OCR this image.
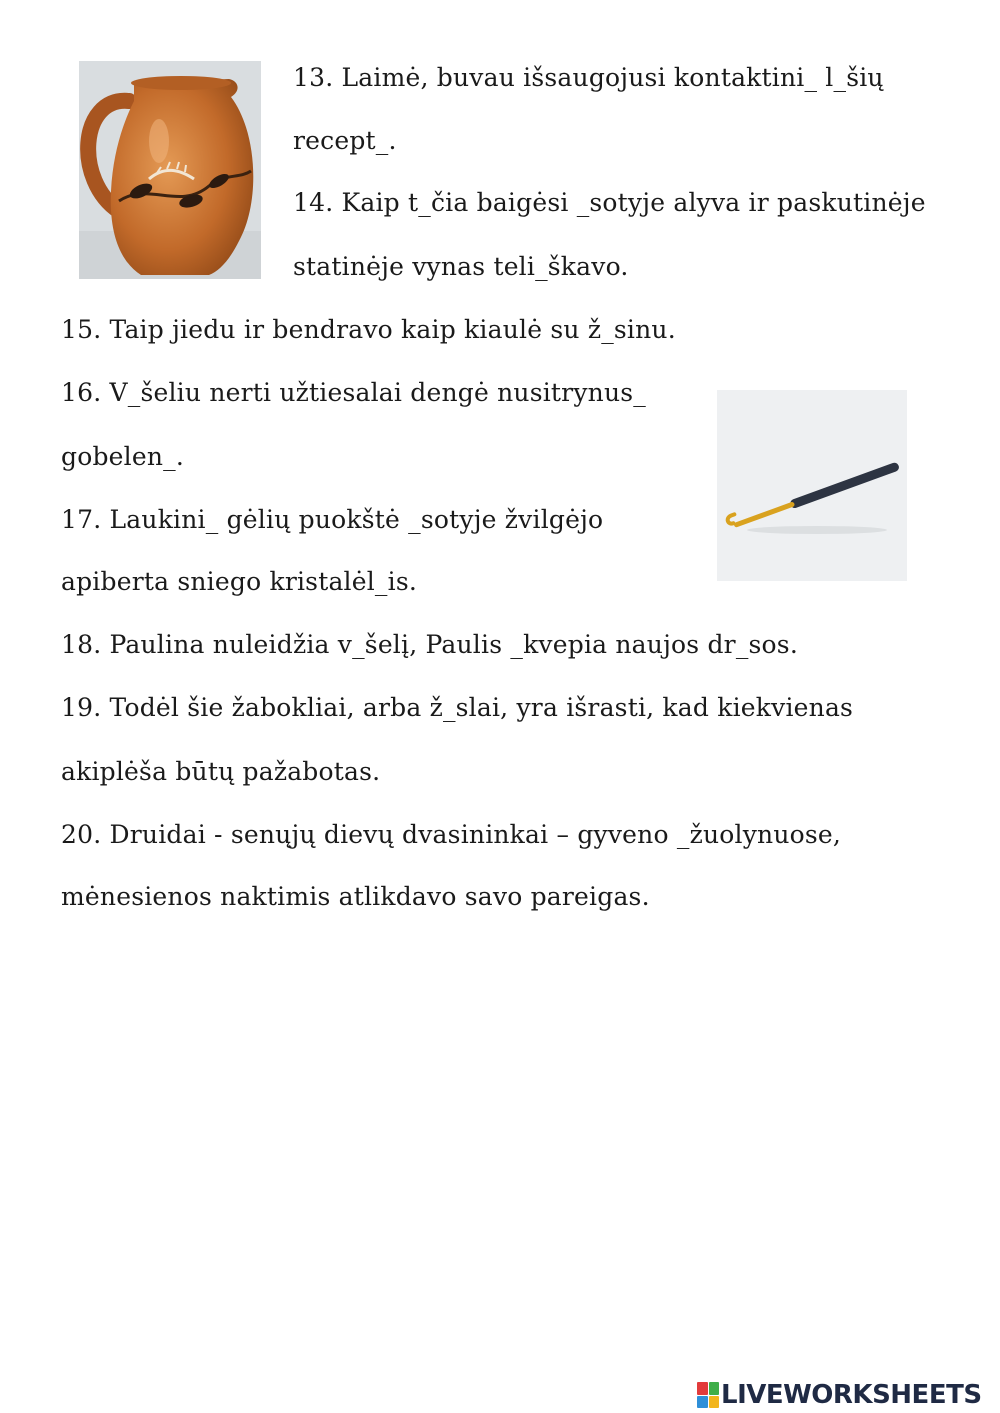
13. Laimė, buvau išsaugojusi kontaktini_ l_šių
recept_.
14. Kaip t_čia baigėsi _sotyje alyva ir paskutinėje
statinėje vynas teli_škavo.
15. Taip jiedu ir bendravo kaip kiaulė su ž_sinu.
16. V_šeliu nerti užtiesalai dengė nusitrynus_
gobelen_.
17. Laukini_ gėlių puokštė _sotyje žvilgėjo
apiberta sniego kristalėl_is.
18. Paulina nuleidžia v_šelį, Paulis _kvepia naujos dr_sos.
19. Todėl šie žabokliai, arba ž_slai, yra išrasti, kad kiekvienas
akiplėša būtų pažabotas.
20. Druidai - senųjų dievų dvasininkai – gyveno _žuolynuose,
mėnesienos naktimis atlikdavo savo pareigas.
LIVEWORKSHEETS
